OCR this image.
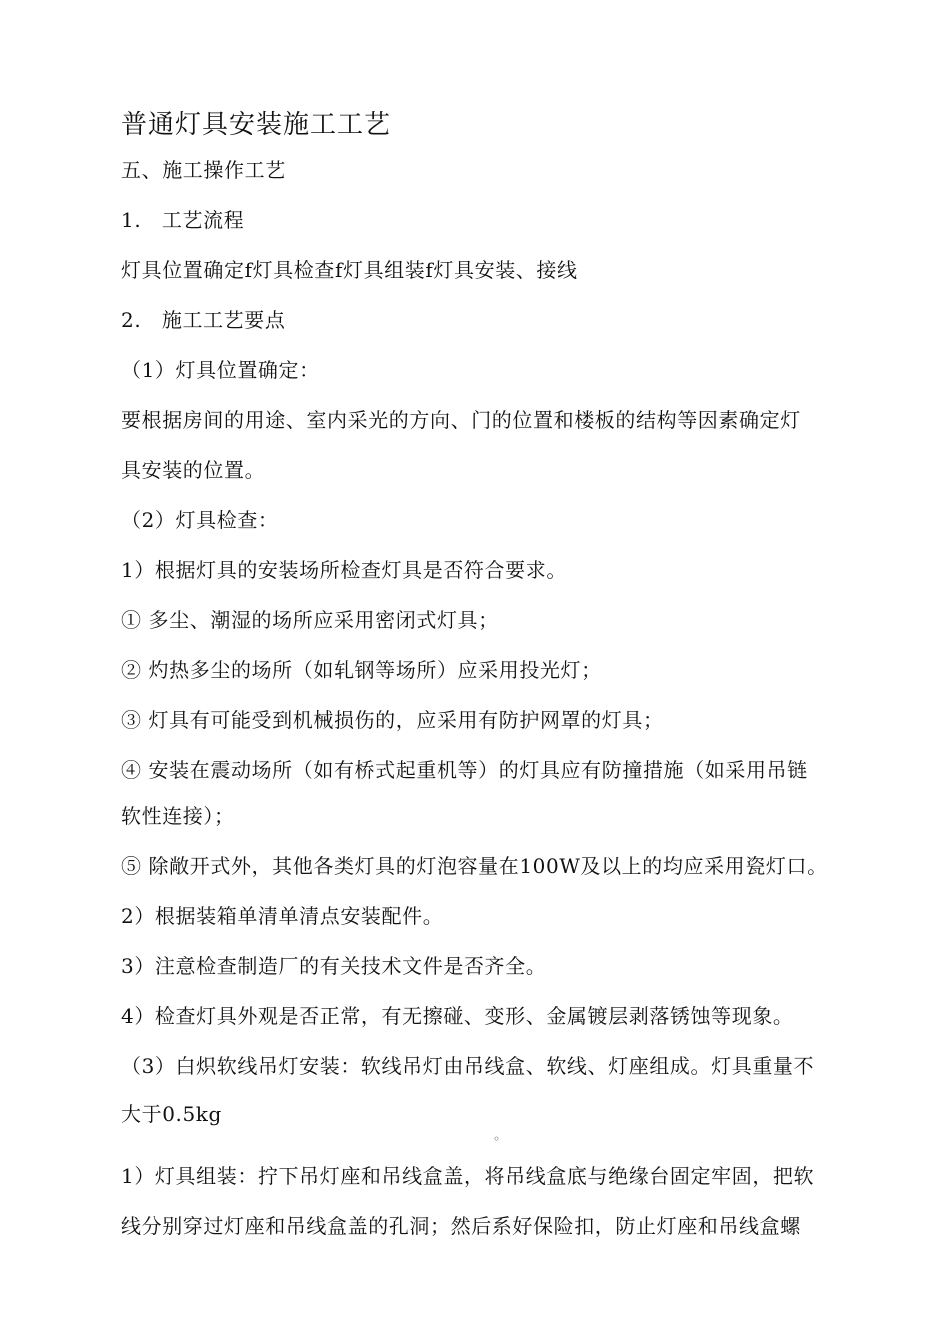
普通灯具安装施工工艺
五、施工操作工艺
1.　工艺流程
灯具位置确定f灯具检查f灯具组装f灯具安装、接线
2.　施工工艺要点
（1）灯具位置确定：
要根据房间的用途、室内采光的方向、门的位置和楼板的结构等因素确定灯
具安装的位置。
（2）灯具检查：
1）根据灯具的安装场所检查灯具是否符合要求。
① 多尘、潮湿的场所应采用密闭式灯具；
② 灼热多尘的场所（如轧钢等场所）应采用投光灯；
③ 灯具有可能受到机械损伤的，应采用有防护网罩的灯具；
④ 安装在震动场所（如有桥式起重机等）的灯具应有防撞措施（如采用吊链
软性连接）；
⑤ 除敞开式外，其他各类灯具的灯泡容量在100W及以上的均应采用瓷灯口。
2）根据装箱单清单清点安装配件。
3）注意检查制造厂的有关技术文件是否齐全。
4）检查灯具外观是否正常，有无擦碰、变形、金属镀层剥落锈蚀等现象。
（3）白炽软线吊灯安装：软线吊灯由吊线盒、软线、灯座组成。灯具重量不
大于0.5kg
◦
1）灯具组装：拧下吊灯座和吊线盒盖，将吊线盒底与绝缘台固定牢固，把软
线分别穿过灯座和吊线盒盖的孔洞；然后系好保险扣，防止灯座和吊线盒螺
